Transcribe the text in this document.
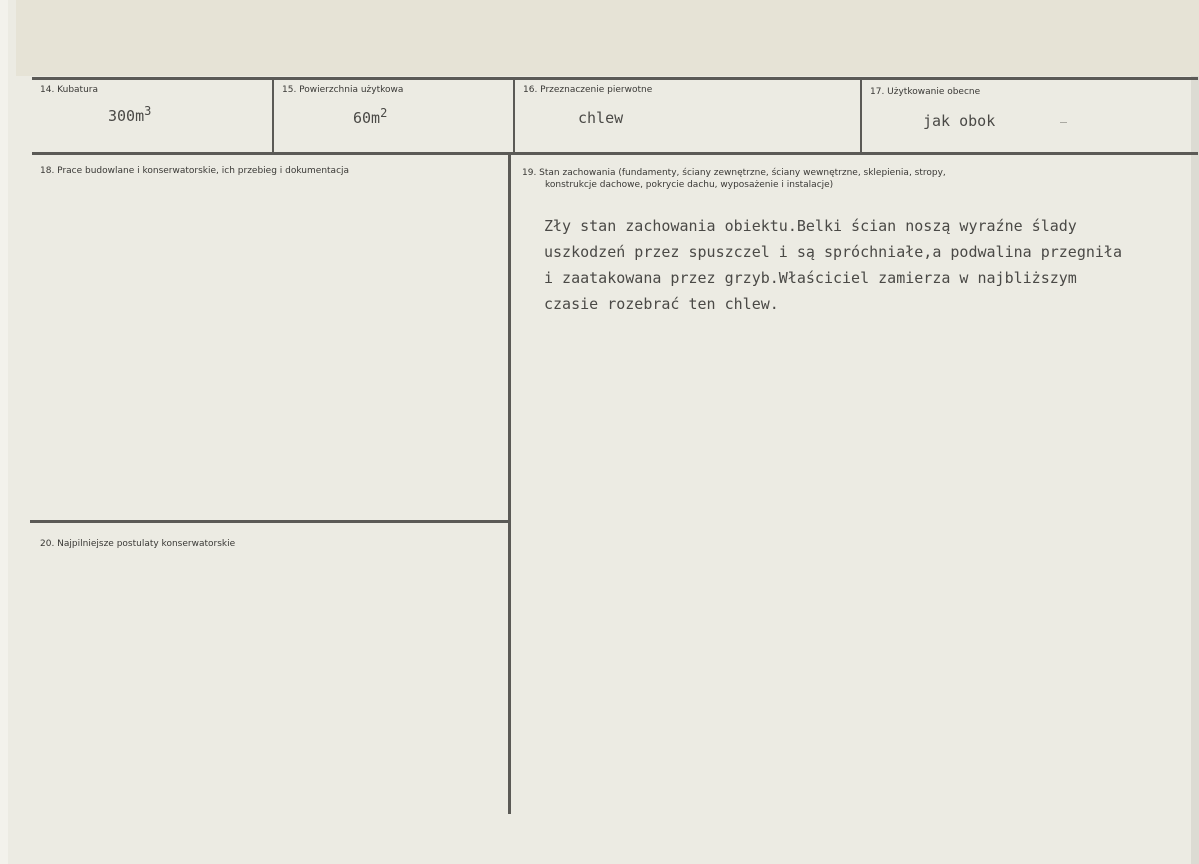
14. Kubatura
$300m^3$
15. Powierzchnia użytkowa
$60m^2$
16. Przeznaczenie pierwotne
chlew
17. Użytkowanie obecne
jak obok
18. Prace budowlane i konserwatorskie, ich przebieg i dokumentacja	19. Stan zachowania (fundamenty, ściany zewnętrzne, ściany wewnętrzne, sklepienia, stropy,
konstrukcje dachowe, pokrycie dachu, wyposażenie i instalacje)
Zły stan zachowania obiektu.Belki ścian noszą wyraźne ślady
uszkodzeń przez spuszczel i są spróchniałe,a podwalina przegniła
i zaatakowana przez grzyb.Właściciel zamierza w najbliższym
czasie rozebrać ten chlew.
20. Najpilniejsze postulaty konserwatorskie
